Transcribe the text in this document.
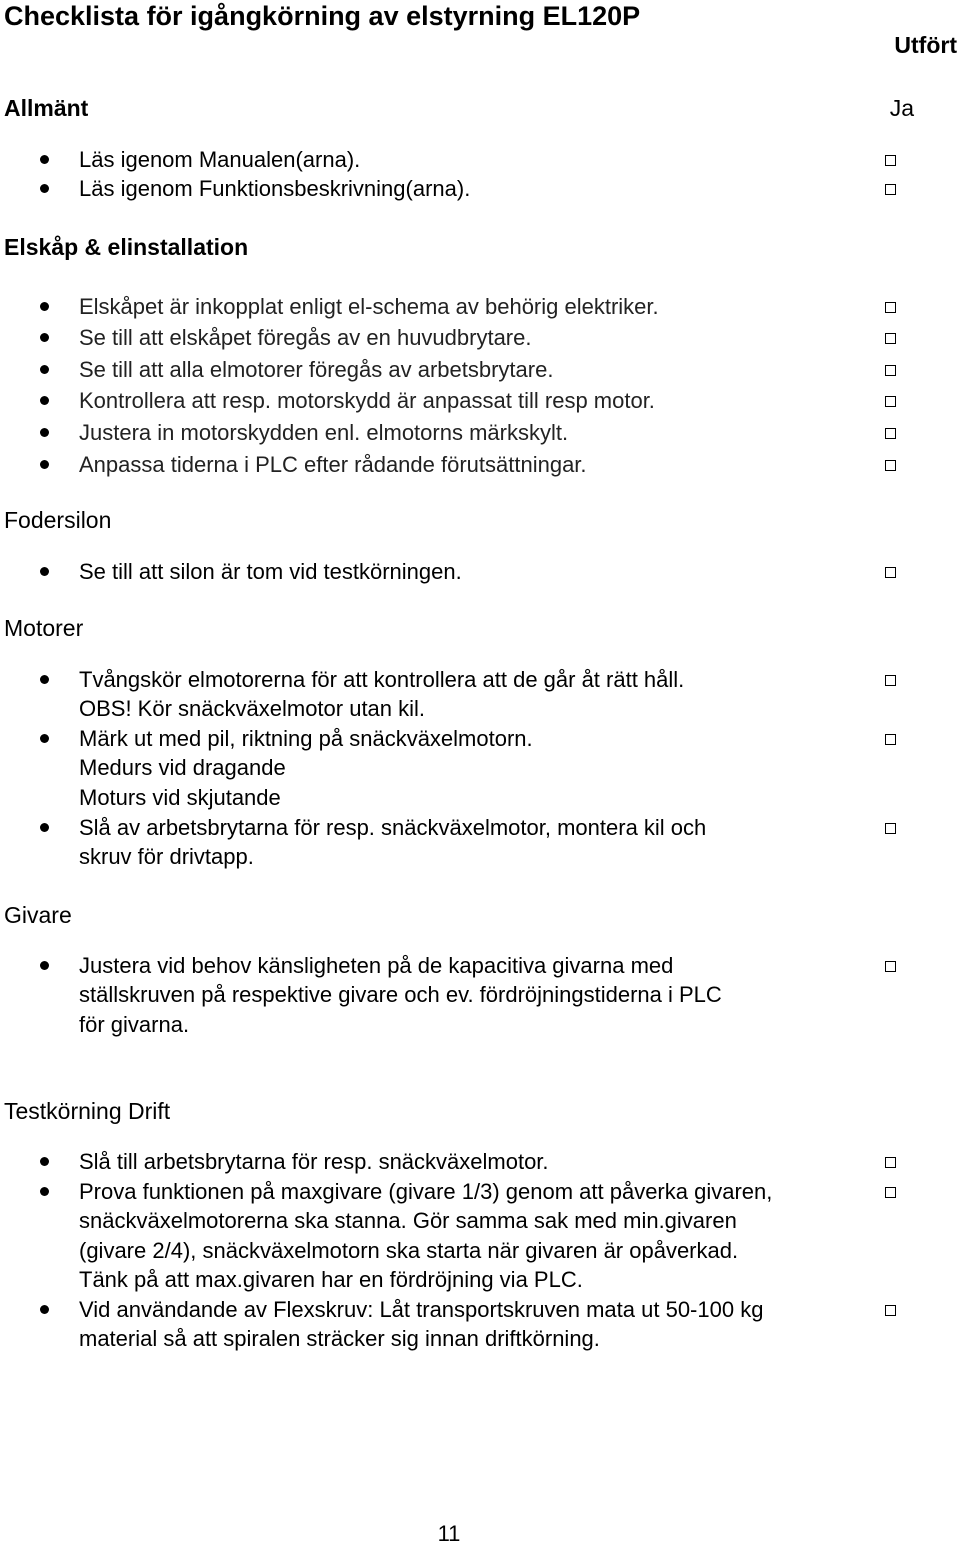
Checklista för igångkörning av elstyrning EL120P
Utfört
Ja
Allmänt
Läs igenom Manualen(arna).
Läs igenom Funktionsbeskrivning(arna).
Elskåp & elinstallation
Elskåpet är inkopplat enligt el-schema av behörig elektriker.
Se till att elskåpet föregås av en huvudbrytare.
Se till att alla elmotorer föregås av arbetsbrytare.
Kontrollera att resp. motorskydd är anpassat till resp motor.
Justera in motorskydden enl. elmotorns märkskylt.
Anpassa tiderna i PLC efter rådande förutsättningar.
Fodersilon
Se till att silon är tom vid testkörningen.
Motorer
Tvångskör elmotorerna för att kontrollera att de går åt rätt håll.
OBS! Kör snäckväxelmotor utan kil.
Märk ut med pil, riktning på snäckväxelmotorn.
Medurs vid dragande
Moturs vid skjutande
Slå av arbetsbrytarna för resp. snäckväxelmotor, montera kil och
skruv för drivtapp.
Givare
Justera vid behov känsligheten på de kapacitiva givarna med
ställskruven på respektive givare och ev. fördröjningstiderna i PLC
för givarna.
Testkörning Drift
Slå till arbetsbrytarna för resp. snäckväxelmotor.
Prova funktionen på maxgivare (givare 1/3) genom att påverka givaren,
snäckväxelmotorerna ska stanna. Gör samma sak med min.givaren
(givare 2/4), snäckväxelmotorn ska starta när givaren är opåverkad.
Tänk på att max.givaren har en fördröjning via PLC.
Vid användande av Flexskruv: Låt transportskruven mata ut 50-100 kg
material så att spiralen sträcker sig innan driftkörning.
11
